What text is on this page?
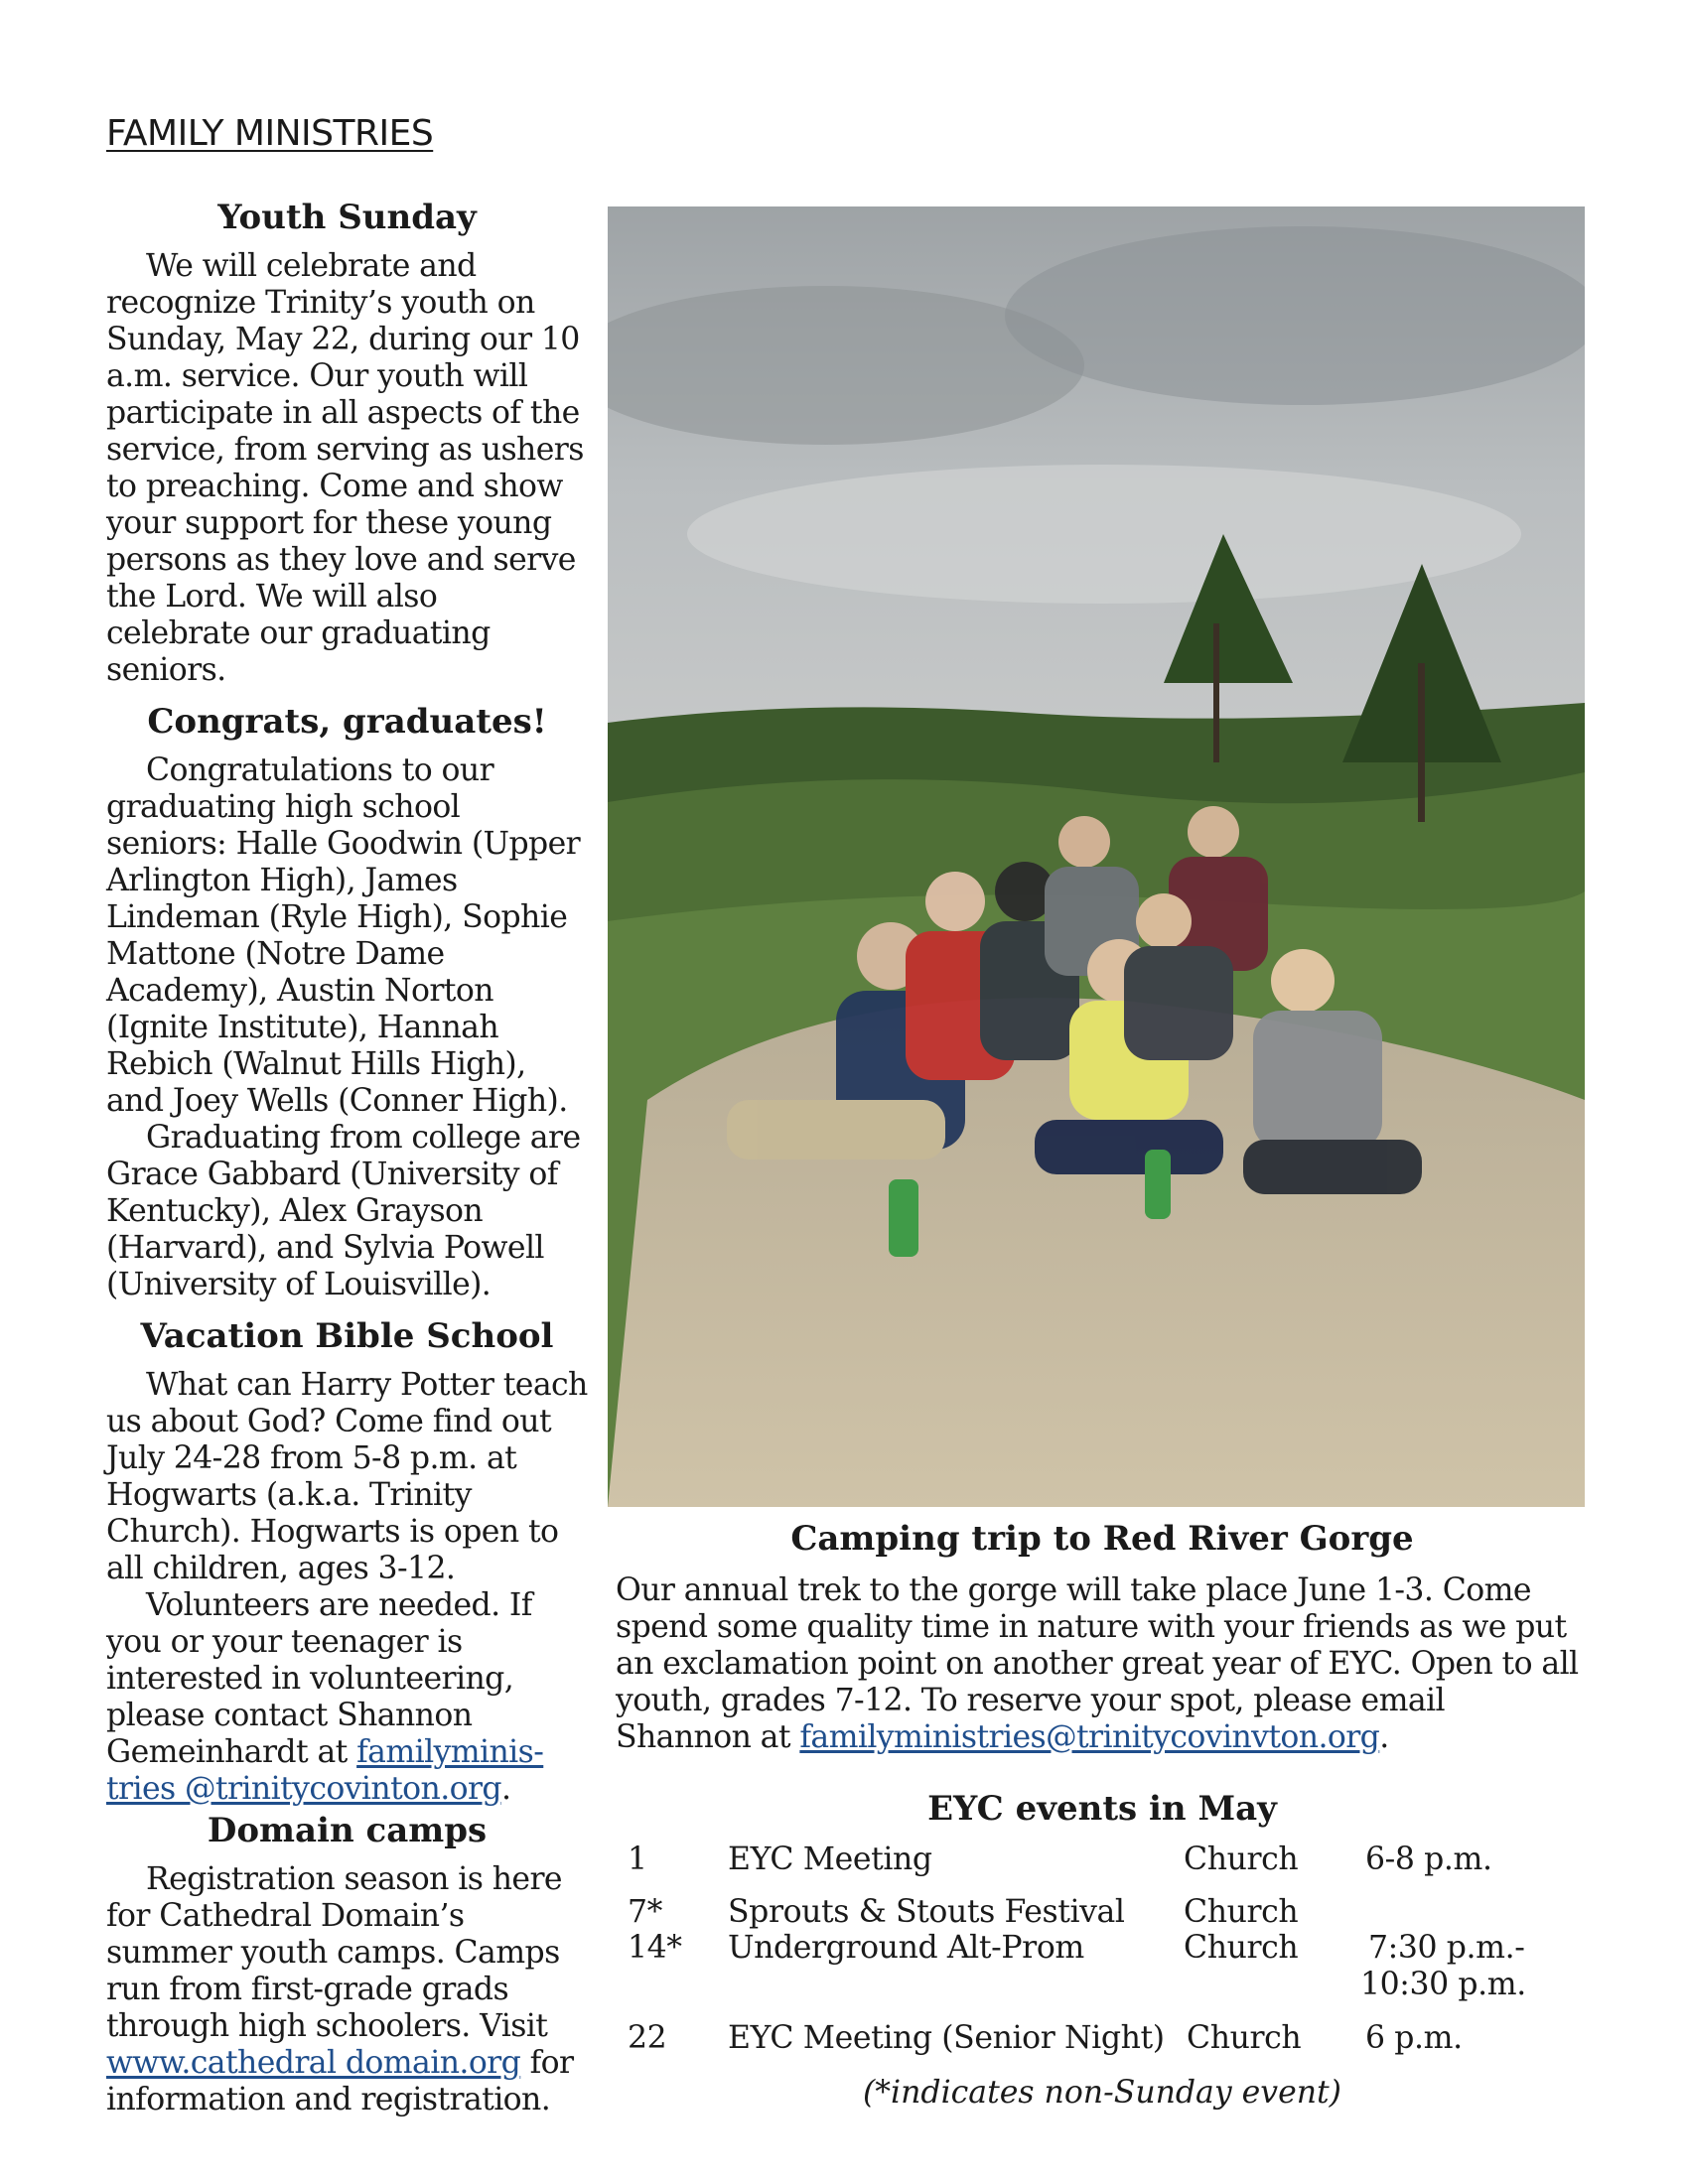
FAMILY MINISTRIES
Youth Sunday

We will celebrate and recognize Trinity’s youth on Sunday, May 22, during our 10 a.m. service. Our youth will participate in all aspects of the service, from serving as ushers to preaching. Come and show your support for these young persons as they love and serve the Lord. We will also celebrate our graduating seniors.

Congrats, graduates!

Congratulations to our graduating high school seniors: Halle Goodwin (Upper Arlington High), James Lindeman (Ryle High), Sophie Mattone (Notre Dame Academy), Austin Norton (Ignite Institute), Hannah Rebich (Walnut Hills High), and Joey Wells (Conner High).

Graduating from college are Grace Gabbard (University of Kentucky), Alex Grayson (Harvard), and Sylvia Powell (University of Louisville).

Vacation Bible School

What can Harry Potter teach us about God? Come find out July 24-28 from 5-8 p.m. at Hogwarts (a.k.a. Trinity Church). Hogwarts is open to all children, ages 3-12.

Volunteers are needed. If you or your teenager is interested in volunteering, please contact Shannon Gemeinhardt at familyminis-tries @trinitycovinton.org.

Domain camps

Registration season is here for Cathedral Domain’s summer youth camps. Camps run from first-grade grads through high schoolers. Visit www.cathedral domain.org for information and registration.

Camping trip to Red River Gorge

Our annual trek to the gorge will take place June 1-3. Come spend some quality time in nature with your friends as we put an exclamation point on another great year of EYC. Open to all youth, grades 7-12. To reserve your spot, please email Shannon at familyministries@trinitycovinvton.org.

EYC events in May
1	EYC Meeting	Church 6-8 p.m.
7* Sprouts & Stouts Festival Church
14* Underground Alt-Prom	Church 7:30 p.m.-
10:30 p.m.
22 EYC Meeting (Senior Night) Church 6 p.m.
(*indicates non-Sunday event)
